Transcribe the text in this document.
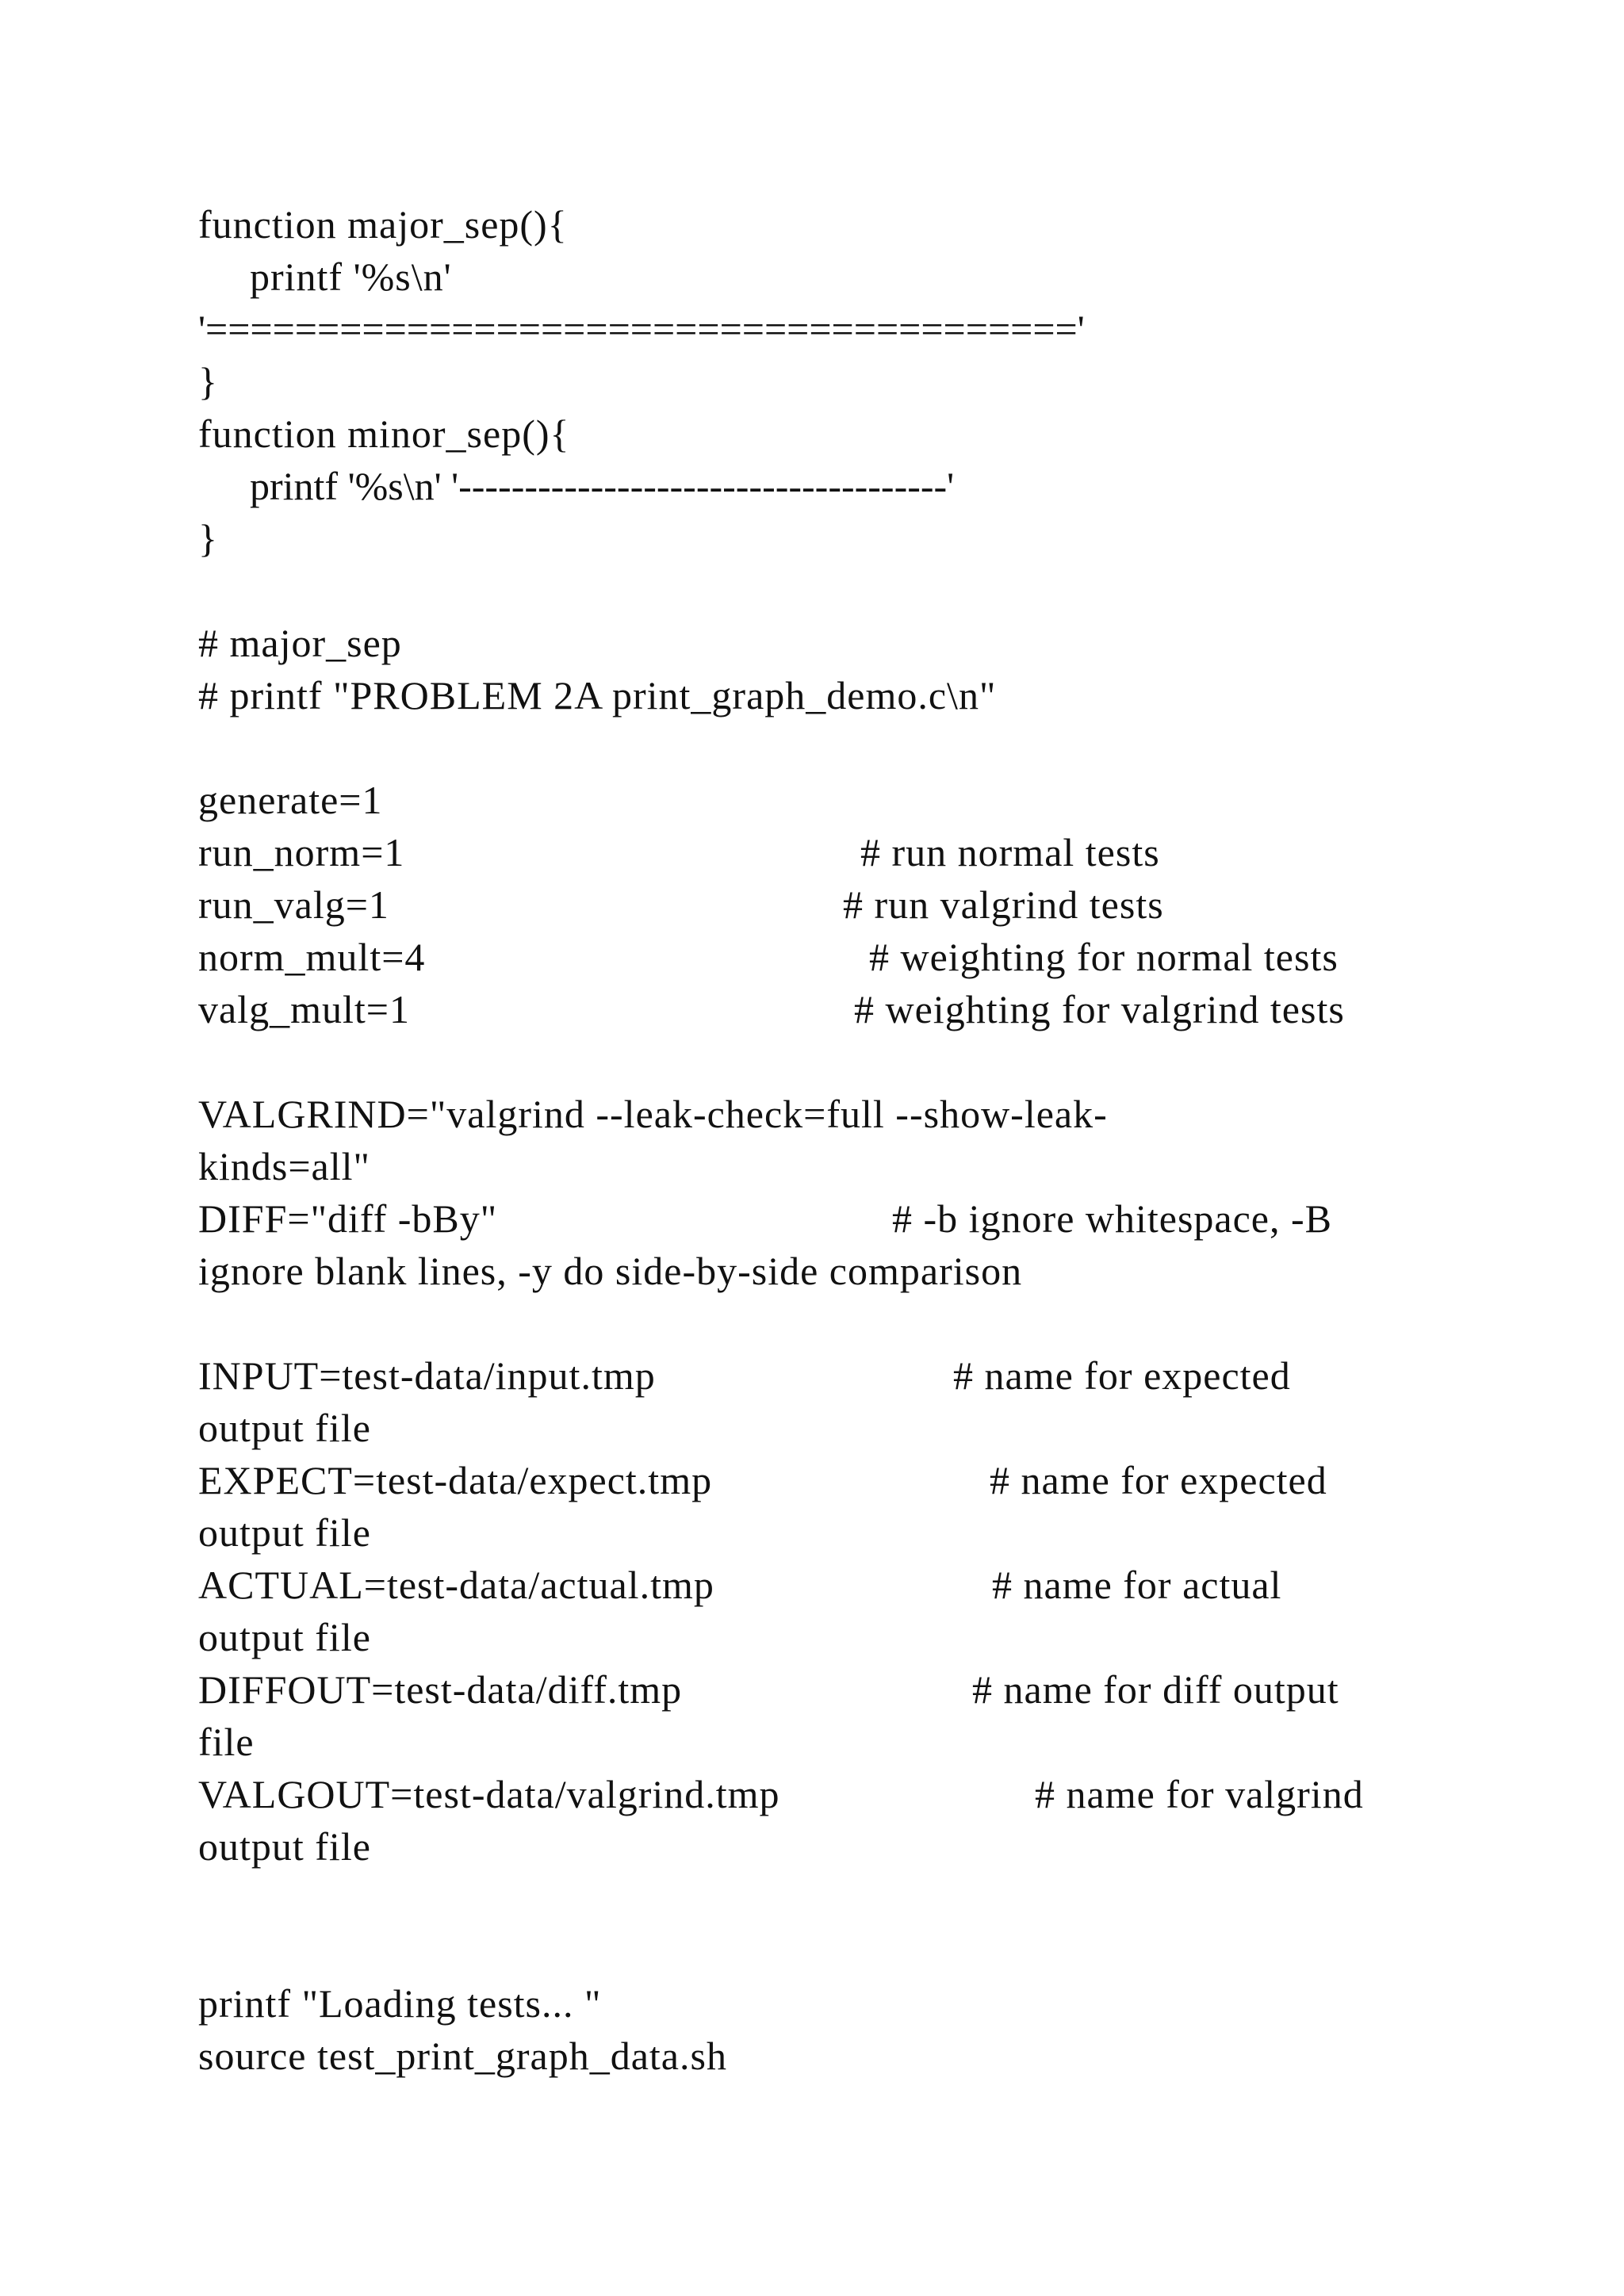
function major_sep(){
printf '%s\n'
'======================================='
}
function minor_sep(){
printf '%s\n' '-------------------------------------'
}
# major_sep
# printf "PROBLEM 2A print_graph_demo.c\n"
generate=1
run_norm=1	# run normal tests
run_valg=1	# run valgrind tests
norm_mult=4	# weighting for normal tests
valg_mult=1	# weighting for valgrind tests
VALGRIND="valgrind --leak-check=full --show-leak-
kinds=all"
DIFF="diff -bBy"	# -b ignore whitespace, -B
ignore blank lines, -y do side-by-side comparison
INPUT=test-data/input.tmp	# name for expected
output file
EXPECT=test-data/expect.tmp	# name for expected
output file
ACTUAL=test-data/actual.tmp	# name for actual
output file
DIFFOUT=test-data/diff.tmp	# name for diff output
file
VALGOUT=test-data/valgrind.tmp	# name for valgrind
output file
printf "Loading tests... "
source test_print_graph_data.sh
